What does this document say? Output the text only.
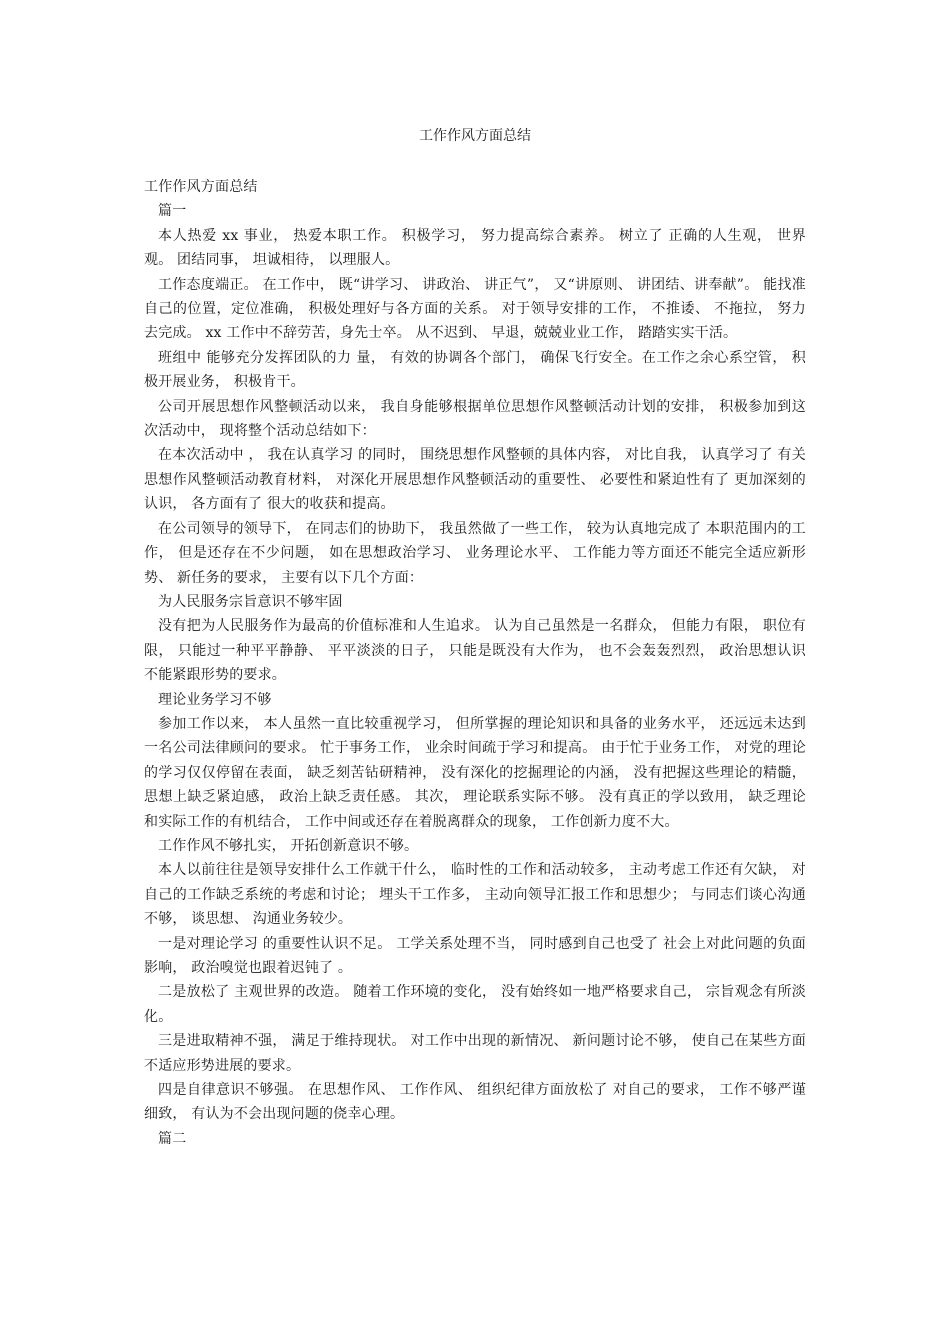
工作作风方面总结

工作作风方面总结

篇一

本人热爱 xx 事业， 热爱本职工作。 积极学习， 努力提高综合素养。 树立了 正确的人生观， 世界观。 团结同事， 坦诚相待， 以理服人。

工作态度端正。 在工作中， 既“讲学习、 讲政治、 讲正气”， 又“讲原则、 讲团结、讲奉献”。 能找准自己的位置，定位准确， 积极处理好与各方面的关系。 对于领导安排的工作， 不推诿、 不拖拉， 努力去完成。 xx 工作中不辞劳苦，身先士卒。 从不迟到、 早退，兢兢业业工作， 踏踏实实干活。

班组中 能够充分发挥团队的力 量， 有效的协调各个部门， 确保飞行安全。在工作之余心系空管， 积极开展业务， 积极肯干。

公司开展思想作风整顿活动以来， 我自身能够根据单位思想作风整顿活动计划的安排， 积极参加到这次活动中， 现将整个活动总结如下：

在本次活动中 ， 我在认真学习 的同时， 围绕思想作风整顿的具体内容， 对比自我， 认真学习了 有关思想作风整顿活动教育材料， 对深化开展思想作风整顿活动的重要性、 必要性和紧迫性有了 更加深刻的认识， 各方面有了 很大的收获和提高。

在公司领导的领导下， 在同志们的协助下， 我虽然做了一些工作， 较为认真地完成了 本职范围内的工作， 但是还存在不少问题， 如在思想政治学习、 业务理论水平、 工作能力等方面还不能完全适应新形势、 新任务的要求， 主要有以下几个方面：

为人民服务宗旨意识不够牢固

没有把为人民服务作为最高的价值标准和人生追求。 认为自己虽然是一名群众， 但能力有限， 职位有限， 只能过一种平平静静、 平平淡淡的日子， 只能是既没有大作为， 也不会轰轰烈烈， 政治思想认识不能紧跟形势的要求。

理论业务学习不够

参加工作以来， 本人虽然一直比较重视学习， 但所掌握的理论知识和具备的业务水平， 还远远未达到一名公司法律顾问的要求。 忙于事务工作， 业余时间疏于学习和提高。 由于忙于业务工作， 对党的理论的学习仅仅停留在表面， 缺乏刻苦钻研精神， 没有深化的挖掘理论的内涵， 没有把握这些理论的精髓， 思想上缺乏紧迫感， 政治上缺乏责任感。 其次， 理论联系实际不够。 没有真正的学以致用， 缺乏理论和实际工作的有机结合， 工作中间或还存在着脱离群众的现象， 工作创新力度不大。

工作作风不够扎实， 开拓创新意识不够。

本人以前往往是领导安排什么工作就干什么， 临时性的工作和活动较多， 主动考虑工作还有欠缺， 对自己的工作缺乏系统的考虑和讨论； 埋头干工作多， 主动向领导汇报工作和思想少； 与同志们谈心沟通不够， 谈思想、 沟通业务较少。

一是对理论学习 的重要性认识不足。 工学关系处理不当， 同时感到自己也受了 社会上对此问题的负面影响， 政治嗅觉也跟着迟钝了 。

二是放松了 主观世界的改造。 随着工作环境的变化， 没有始终如一地严格要求自己， 宗旨观念有所淡化。

三是进取精神不强， 满足于维持现状。 对工作中出现的新情况、 新问题讨论不够， 使自己在某些方面不适应形势进展的要求。

四是自律意识不够强。 在思想作风、 工作作风、 组织纪律方面放松了 对自己的要求， 工作不够严谨细致， 有认为不会出现问题的侥幸心理。

篇二
